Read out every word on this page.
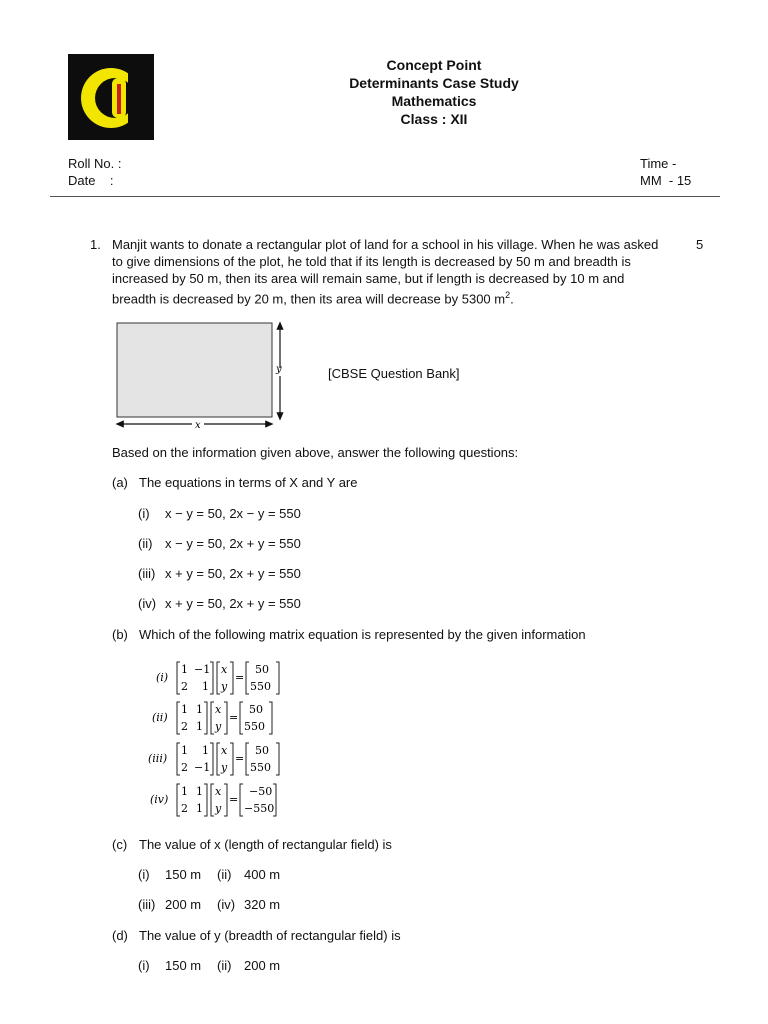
Concept Point
Determinants Case Study
Mathematics
Class : XII
Roll No. :
Date    :
Time -
MM  - 15
1. Manjit wants to donate a rectangular plot of land for a school in his village. When he was asked to give dimensions of the plot, he told that if its length is decreased by 50 m and breadth is increased by 50 m, then its area will remain same, but if length is decreased by 10 m and breadth is decreased by 20 m, then its area will decrease by 5300 $m^2$.
5
y
x
[CBSE Question Bank]
Based on the information given above, answer the following questions:
(a) The equations in terms of X and Y are
(i) x − y = 50, 2x − y = 550
(ii) x − y = 50, 2x + y = 550
(iii) x + y = 50, 2x + y = 550
(iv) x + y = 50, 2x + y = 550
(b) Which of the following matrix equation is represented by the given information
(i)
1 −1
2 1
x
y
=
50
550
(ii)
1 1
2 1
x
y
=
50
550
(iii)
1 1
2 −1
x
y
=
50
550
(iv)
1 1
2 1
x
y
=
−50
−550
(c) The value of x (length of rectangular field) is
(i) 150 m (ii) 400 m
(iii) 200 m (iv) 320 m
(d) The value of y (breadth of rectangular field) is
(i) 150 m (ii) 200 m
